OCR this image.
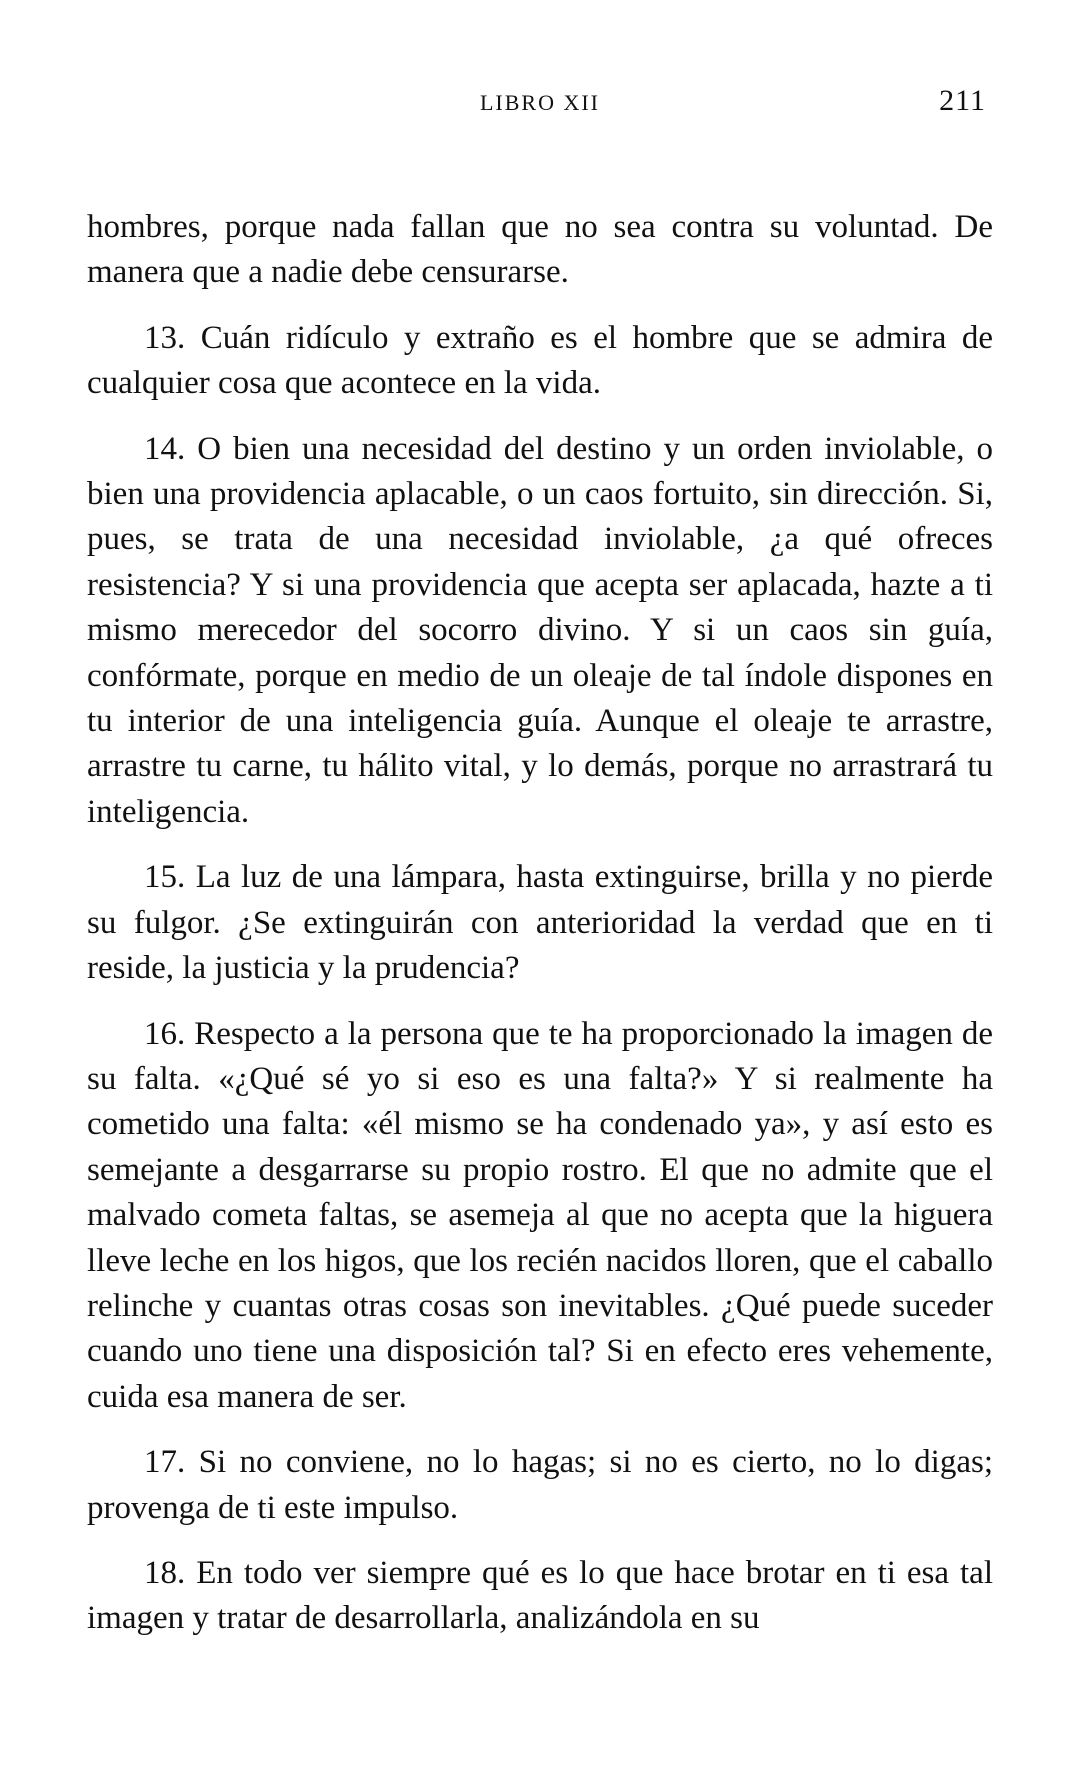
LIBRO XII	211

hombres, porque nada fallan que no sea contra su voluntad. De manera que a nadie debe censurarse.

13. Cuán ridículo y extraño es el hombre que se admira de cualquier cosa que acontece en la vida.

14. O bien una necesidad del destino y un orden inviolable, o bien una providencia aplacable, o un caos fortuito, sin dirección. Si, pues, se trata de una necesidad inviolable, ¿a qué ofreces resistencia? Y si una providencia que acepta ser aplacada, hazte a ti mismo merecedor del socorro divino. Y si un caos sin guía, confórmate, porque en medio de un oleaje de tal índole dispones en tu interior de una inteligencia guía. Aunque el oleaje te arrastre, arrastre tu carne, tu hálito vital, y lo demás, porque no arrastrará tu inteligencia.

15. La luz de una lámpara, hasta extinguirse, brilla y no pierde su fulgor. ¿Se extinguirán con anterioridad la verdad que en ti reside, la justicia y la prudencia?

16. Respecto a la persona que te ha proporcionado la imagen de su falta. «¿Qué sé yo si eso es una falta?» Y si realmente ha cometido una falta: «él mismo se ha condenado ya», y así esto es semejante a desgarrarse su propio rostro. El que no admite que el malvado cometa faltas, se asemeja al que no acepta que la higuera lleve leche en los higos, que los recién nacidos lloren, que el caballo relinche y cuantas otras cosas son inevitables. ¿Qué puede suceder cuando uno tiene una disposición tal? Si en efecto eres vehemente, cuida esa manera de ser.

17. Si no conviene, no lo hagas; si no es cierto, no lo digas; provenga de ti este impulso.

18. En todo ver siempre qué es lo que hace brotar en ti esa tal imagen y tratar de desarrollarla, analizándola en su
